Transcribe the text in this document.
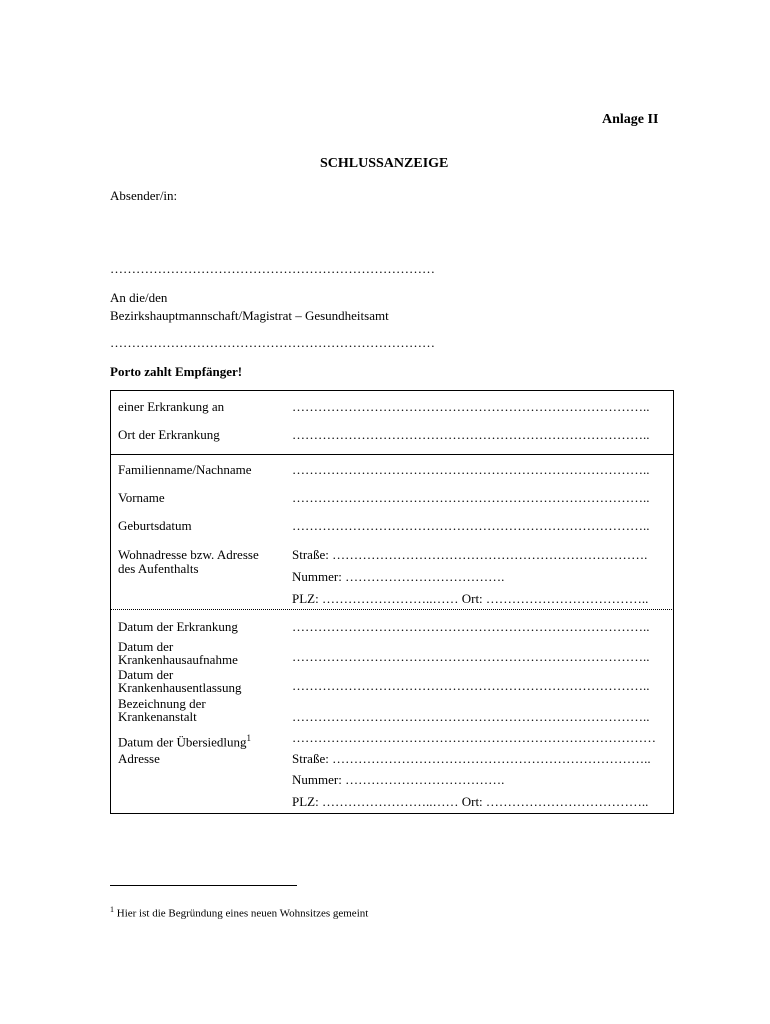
Anlage II
SCHLUSSANZEIGE
Absender/in:
…………………………………………………………………
An die/den
Bezirkshauptmannschaft/Magistrat – Gesundheitsamt
…………………………………………………………………
Porto zahlt Empfänger!
einer Erkrankung an	………………………………………………………………………..
Ort der Erkrankung	………………………………………………………………………..
Familienname/Nachname	………………………………………………………………………..
Vorname	………………………………………………………………………..
Geburtsdatum	………………………………………………………………………..
Wohnadresse bzw. Adresse
des Aufenthalts
Straße: ……………………………………………………………….
Nummer: ……………………………….
PLZ: ……………………..…… Ort: ………………………………..
Datum der Erkrankung	………………………………………………………………………..
Datum der
Krankenhausaufnahme	………………………………………………………………………..
Datum der
Krankenhausentlassung	………………………………………………………………………..
Bezeichnung der
Krankenanstalt	………………………………………………………………………..
Datum der Übersiedlung$^1$	…………………………………………………………………………
Adresse	Straße: ………………………………………………………………..
Nummer: ……………………………….
PLZ: ……………………..…… Ort: ………………………………..
$^1$ Hier ist die Begründung eines neuen Wohnsitzes gemeint
